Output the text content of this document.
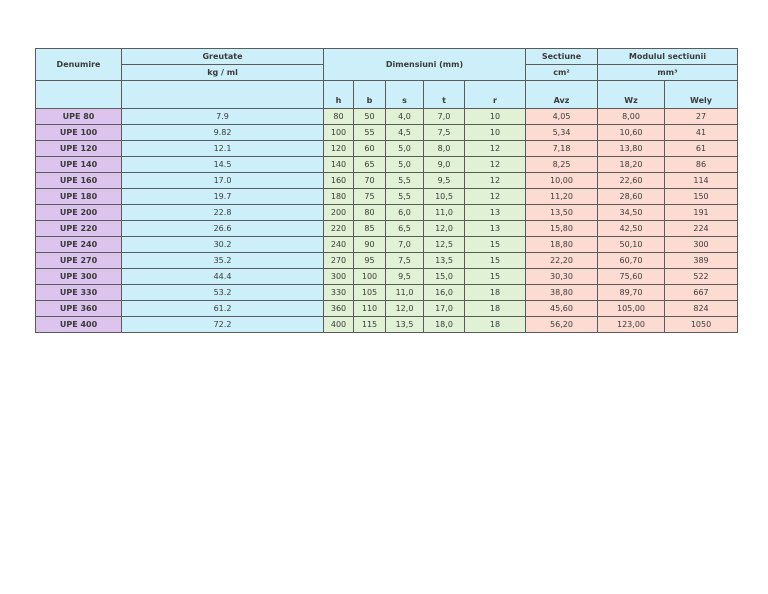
Denumire	Greutate	Dimensiuni (mm)					Sectiune	Modulul sectiunii	
	kg / ml						cm²	mm³	
		h	b	s	t	r	Avz	Wz	Wely
UPE 80	7.9	80	50	4,0	7,0	10	4,05	8,00	27
UPE 100	9.82	100	55	4,5	7,5	10	5,34	10,60	41
UPE 120	12.1	120	60	5,0	8,0	12	7,18	13,80	61
UPE 140	14.5	140	65	5,0	9,0	12	8,25	18,20	86
UPE 160	17.0	160	70	5,5	9,5	12	10,00	22,60	114
UPE 180	19.7	180	75	5,5	10,5	12	11,20	28,60	150
UPE 200	22.8	200	80	6,0	11,0	13	13,50	34,50	191
UPE 220	26.6	220	85	6,5	12,0	13	15,80	42,50	224
UPE 240	30.2	240	90	7,0	12,5	15	18,80	50,10	300
UPE 270	35.2	270	95	7,5	13,5	15	22,20	60,70	389
UPE 300	44.4	300	100	9,5	15,0	15	30,30	75,60	522
UPE 330	53.2	330	105	11,0	16,0	18	38,80	89,70	667
UPE 360	61.2	360	110	12,0	17,0	18	45,60	105,00	824
UPE 400	72.2	400	115	13,5	18,0	18	56,20	123,00	1050
